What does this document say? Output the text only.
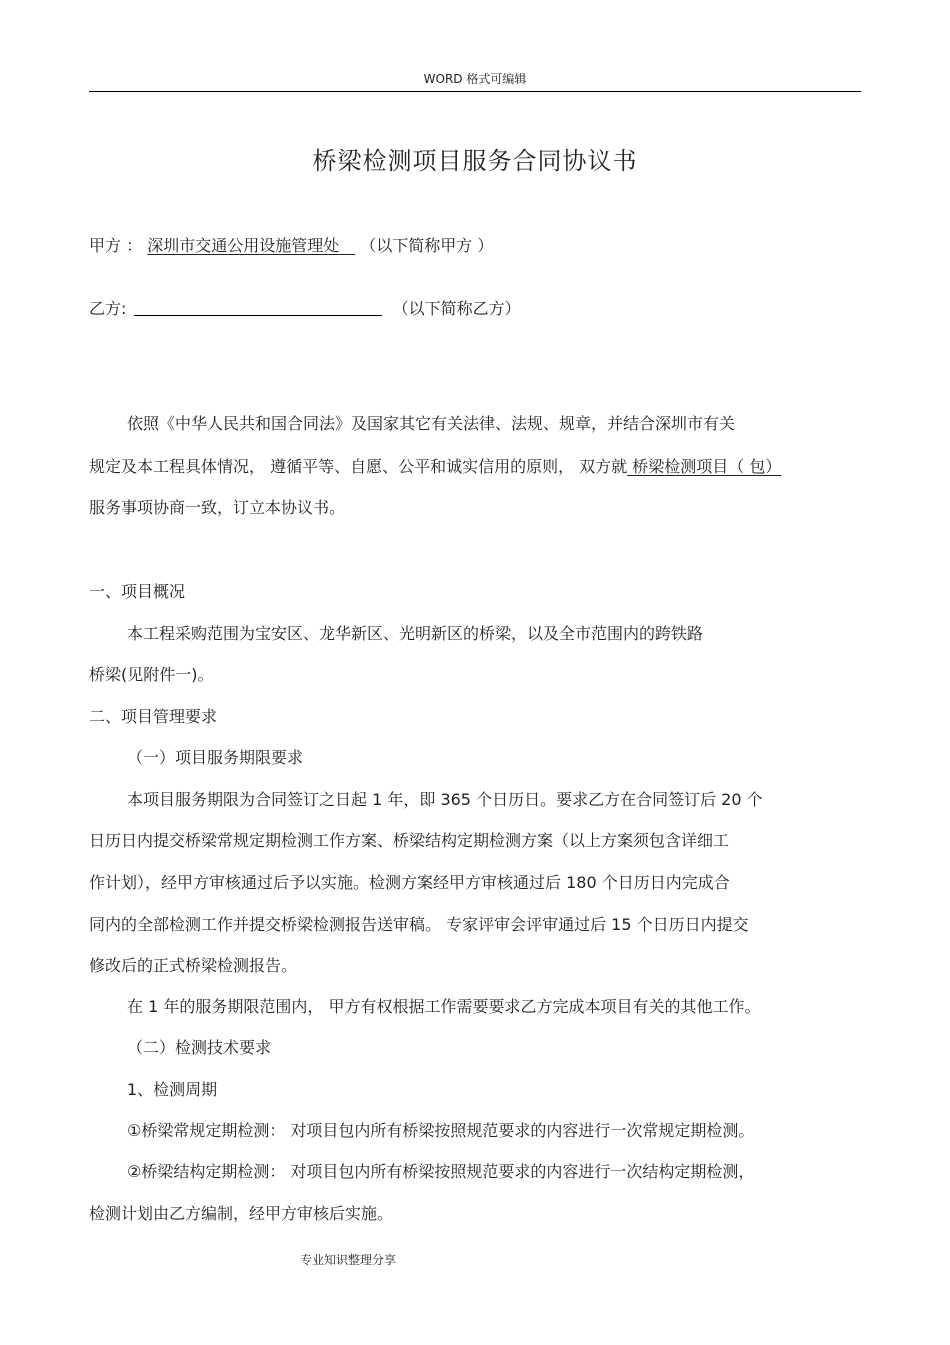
WORD 格式可编辑
桥梁检测项目服务合同协议书
甲方 ： 深圳市交通公用设施管理处  （以下简称甲方 ）
乙方:	（以下简称乙方）
依照《中华人民共和国合同法》及国家其它有关法律、法规、规章，并结合深圳市有关
规定及本工程具体情况， 遵循平等、自愿、公平和诚实信用的原则， 双方就 桥梁检测项目（ 包）
服务事项协商一致，订立本协议书。
一、项目概况
本工程采购范围为宝安区、龙华新区、光明新区的桥梁，以及全市范围内的跨铁路
桥梁(见附件一)。
二、项目管理要求
（一）项目服务期限要求
本项目服务期限为合同签订之日起 1 年，即 365 个日历日。要求乙方在合同签订后 20 个
日历日内提交桥梁常规定期检测工作方案、桥梁结构定期检测方案（以上方案须包含详细工
作计划），经甲方审核通过后予以实施。检测方案经甲方审核通过后 180 个日历日内完成合
同内的全部检测工作并提交桥梁检测报告送审稿。 专家评审会评审通过后 15 个日历日内提交
修改后的正式桥梁检测报告。
在 1 年的服务期限范围内， 甲方有权根据工作需要要求乙方完成本项目有关的其他工作。
（二）检测技术要求
1、检测周期
①桥梁常规定期检测： 对项目包内所有桥梁按照规范要求的内容进行一次常规定期检测。
②桥梁结构定期检测： 对项目包内所有桥梁按照规范要求的内容进行一次结构定期检测，
检测计划由乙方编制，经甲方审核后实施。
专业知识整理分享
